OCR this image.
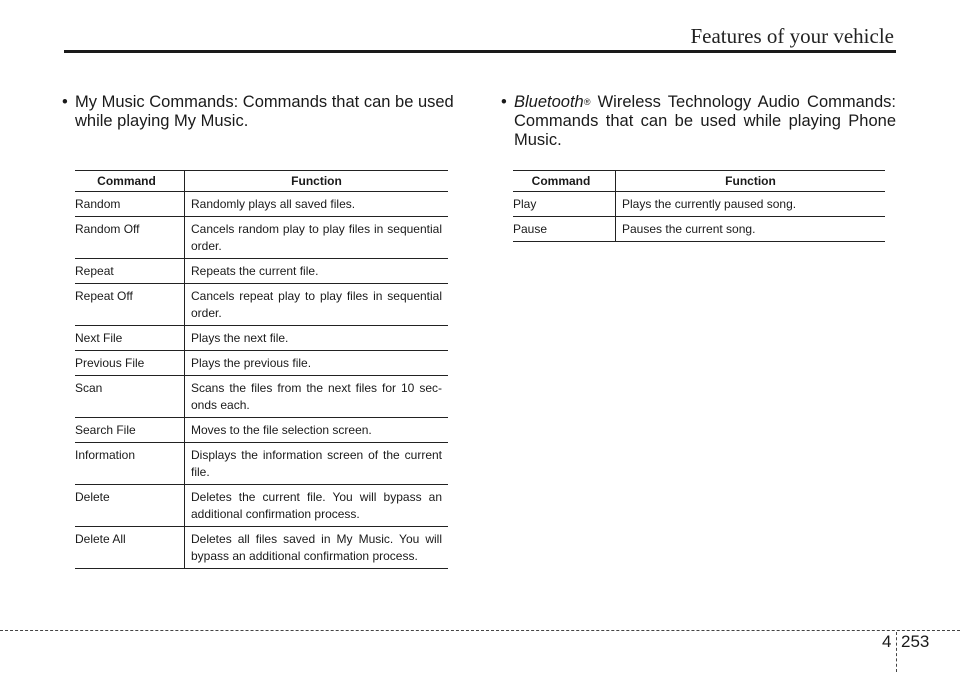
Features of your vehicle
• My Music Commands: Commands that can be used
while playing My Music.
• Bluetooth® Wireless Technology Audio Commands: Commands that can be used while playing Phone Music.
Command	Function
Random	Randomly plays all saved files.
Random Off	Cancels random play to play files in sequential order.
Repeat	Repeats the current file.
Repeat Off	Cancels repeat play to play files in sequential order.
Next File	Plays the next file.
Previous File	Plays the previous file.
Scan	Scans the files from the next files for 10 sec-onds each.
Search File	Moves to the file selection screen.
Information	Displays the information screen of the current file.
Delete	Deletes the current file. You will bypass an additional confirmation process.
Delete All	Deletes all files saved in My Music. You will bypass an additional confirmation process.
Command	Function
Play	Plays the currently paused song.
Pause	Pauses the current song.
4 253
